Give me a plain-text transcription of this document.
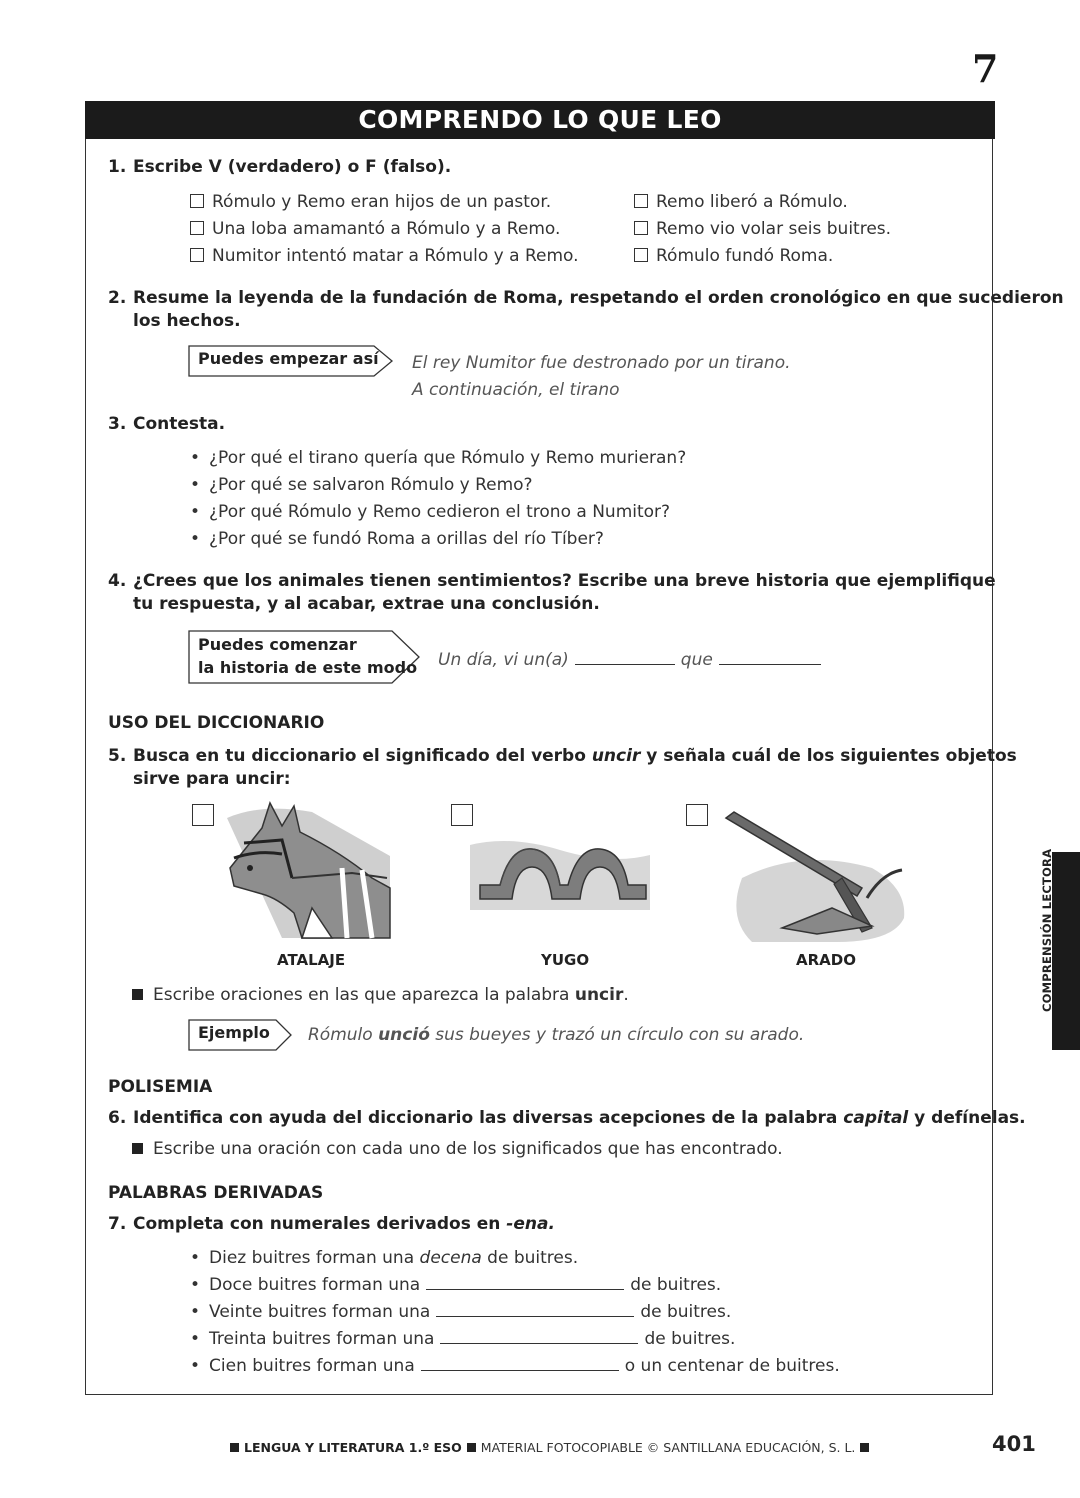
7
COMPRENDO LO QUE LEO
1. Escribe V (verdadero) o F (falso).
Rómulo y Remo eran hijos de un pastor.
Una loba amamantó a Rómulo y a Remo.
Numitor intentó matar a Rómulo y a Remo.
Remo liberó a Rómulo.
Remo vio volar seis buitres.
Rómulo fundó Roma.
2. Resume la leyenda de la fundación de Roma, respetando el orden cronológico en que sucedieron
los hechos.
Puedes empezar así El rey Numitor fue destronado por un tirano.
A continuación, el tirano
3. Contesta.
• ¿Por qué el tirano quería que Rómulo y Remo murieran?
• ¿Por qué se salvaron Rómulo y Remo?
• ¿Por qué Rómulo y Remo cedieron el trono a Numitor?
• ¿Por qué se fundó Roma a orillas del río Tíber?
4. ¿Crees que los animales tienen sentimientos? Escribe una breve historia que ejemplifique
tu respuesta, y al acabar, extrae una conclusión.
Puedes comenzar
la historia de este modo Un día, vi un(a)	que
USO DEL DICCIONARIO
5. Busca en tu diccionario el significado del verbo uncir y señala cuál de los siguientes objetos
sirve para uncir:
ATALAJE	YUGO	ARADO
Escribe oraciones en las que aparezca la palabra uncir.
Ejemplo Rómulo unció sus bueyes y trazó un círculo con su arado.
POLISEMIA
6. Identifica con ayuda del diccionario las diversas acepciones de la palabra capital y defínelas.
Escribe una oración con cada uno de los significados que has encontrado.
PALABRAS DERIVADAS
7. Completa con numerales derivados en -ena.
• Diez buitres forman una decena de buitres.
• Doce buitres forman una	de buitres.
• Veinte buitres forman una	de buitres.
• Treinta buitres forman una	de buitres.
• Cien buitres forman una	o un centenar de buitres.
COMPRENSIÓN LECTORA
LENGUA Y LITERATURA 1.º ESO MATERIAL FOTOCOPIABLE © SANTILLANA EDUCACIÓN, S. L.	401
